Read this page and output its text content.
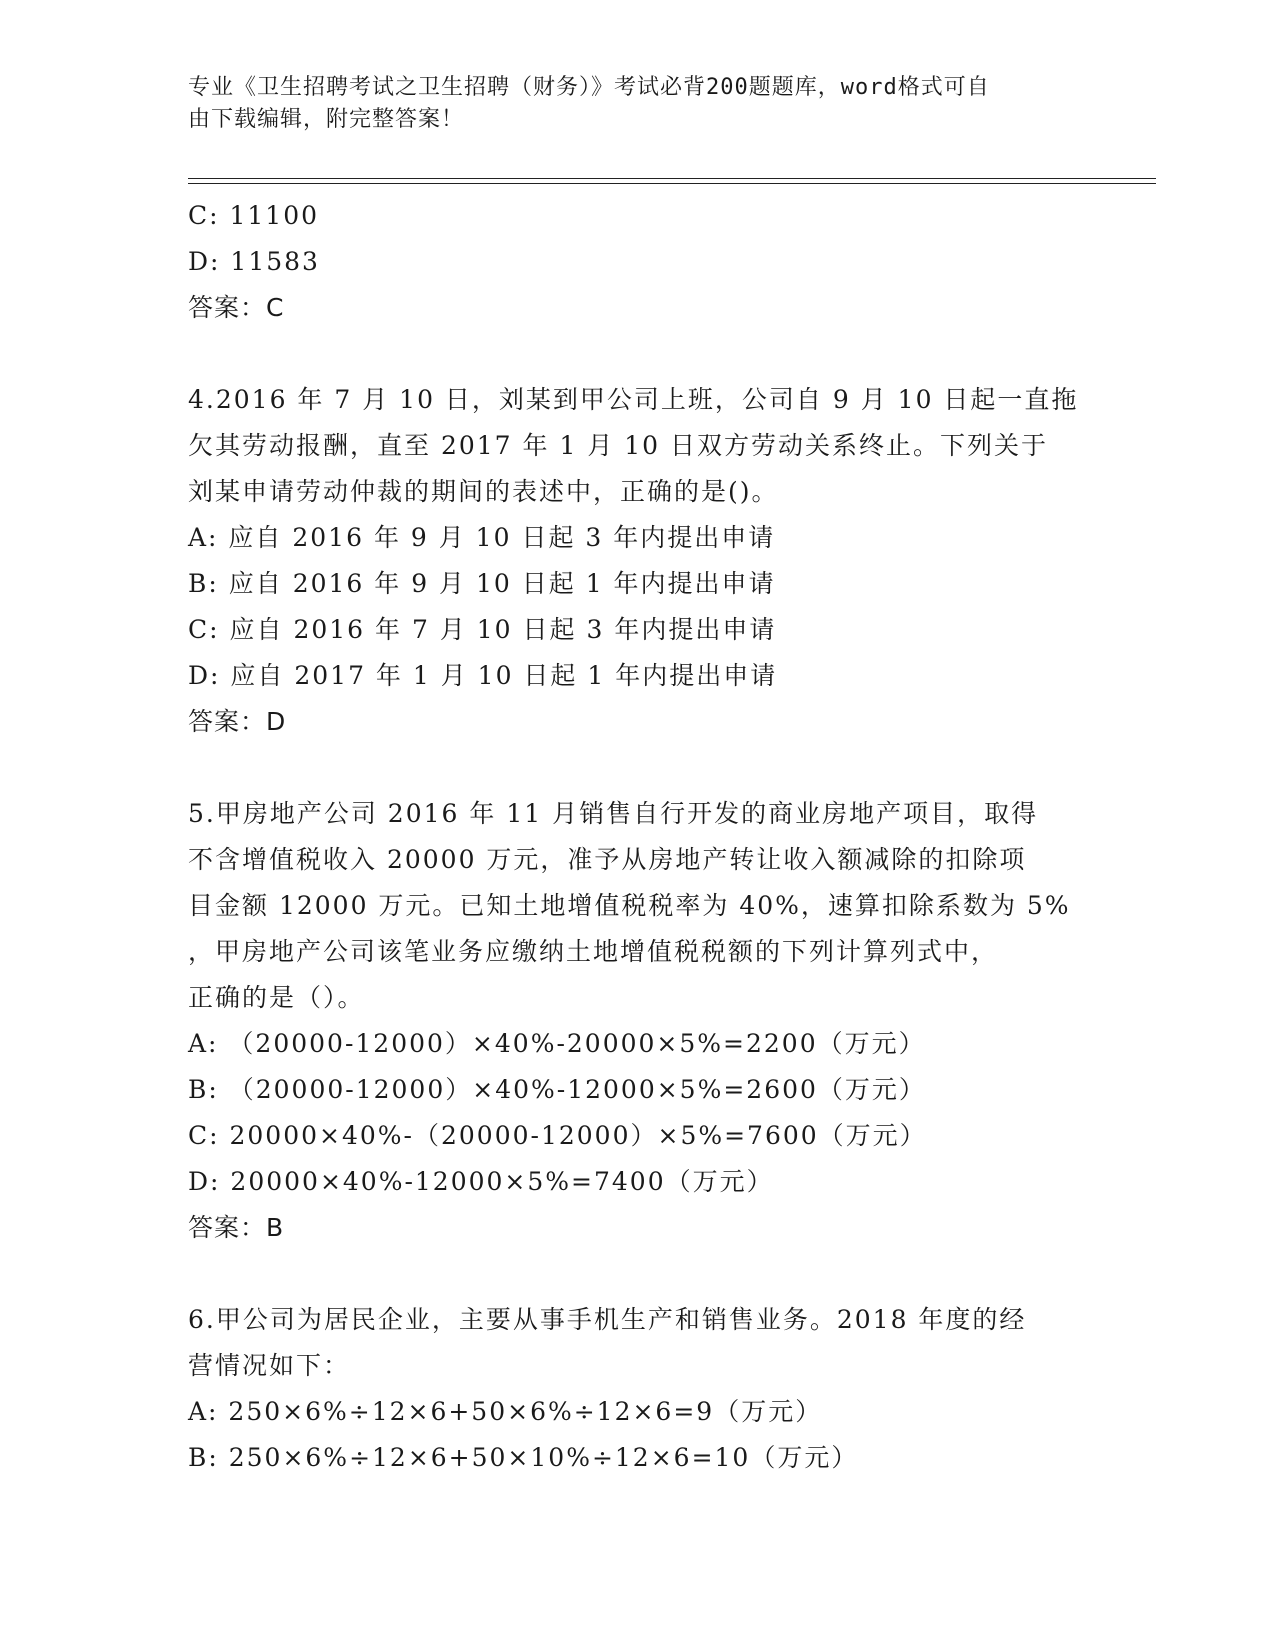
专业《卫生招聘考试之卫生招聘（财务）》考试必背200题题库，word格式可自
由下载编辑，附完整答案！
C: 11100
D: 11583
答案：C
4.2016 年 7 月 10 日，刘某到甲公司上班，公司自 9 月 10 日起一直拖
欠其劳动报酬，直至 2017 年 1 月 10 日双方劳动关系终止。下列关于
刘某申请劳动仲裁的期间的表述中，正确的是()。
A: 应自 2016 年 9 月 10 日起 3 年内提出申请
B: 应自 2016 年 9 月 10 日起 1 年内提出申请
C: 应自 2016 年 7 月 10 日起 3 年内提出申请
D: 应自 2017 年 1 月 10 日起 1 年内提出申请
答案：D
5.甲房地产公司 2016 年 11 月销售自行开发的商业房地产项目，取得
不含增值税收入 20000 万元，准予从房地产转让收入额减除的扣除项
目金额 12000 万元。已知土地增值税税率为 40%，速算扣除系数为 5%
，甲房地产公司该笔业务应缴纳土地增值税税额的下列计算列式中，
正确的是（）。
A: （20000-12000）×40%-20000×5%=2200（万元）
B: （20000-12000）×40%-12000×5%=2600（万元）
C: 20000×40%-（20000-12000）×5%=7600（万元）
D: 20000×40%-12000×5%=7400（万元）
答案：B
6.甲公司为居民企业，主要从事手机生产和销售业务。2018 年度的经
营情况如下：
A: 250×6%÷12×6+50×6%÷12×6=9（万元）
B: 250×6%÷12×6+50×10%÷12×6=10（万元）
